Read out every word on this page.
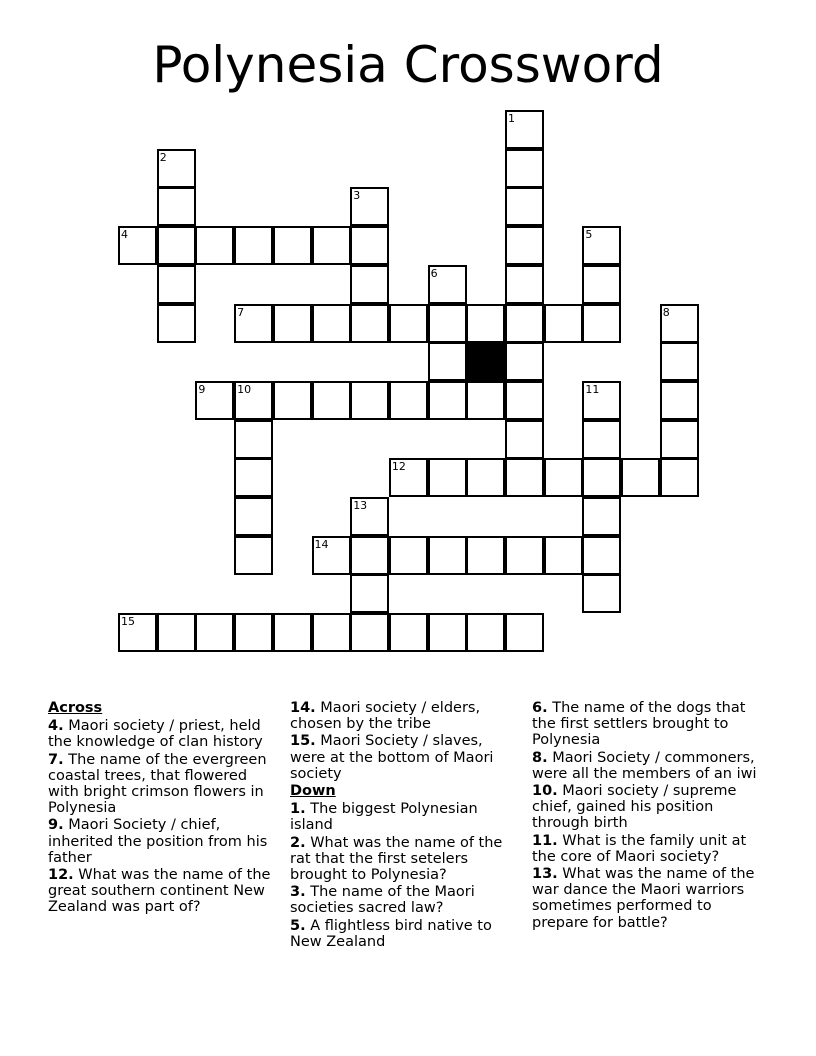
Polynesia Crossword
1
2
3
4	5
6
7	8
9	10	11
12
13
14
15
Across
4. Maori society / priest, held the knowledge of clan history
7. The name of the evergreen coastal trees, that flowered with bright crimson flowers in Polynesia
9. Maori Society / chief, inherited the position from his father
12. What was the name of the great southern continent New Zealand was part of?
14. Maori society / elders, chosen by the tribe
15. Maori Society / slaves, were at the bottom of Maori society
Down
1. The biggest Polynesian island
2. What was the name of the rat that the first setelers brought to Polynesia?
3. The name of the Maori societies sacred law?
5. A flightless bird native to New Zealand
6. The name of the dogs that the first settlers brought to Polynesia
8. Maori Society / commoners, were all the members of an iwi
10. Maori society / supreme chief, gained his position through birth
11. What is the family unit at the core of Maori society?
13. What was the name of the war dance the Maori warriors sometimes performed to prepare for battle?
